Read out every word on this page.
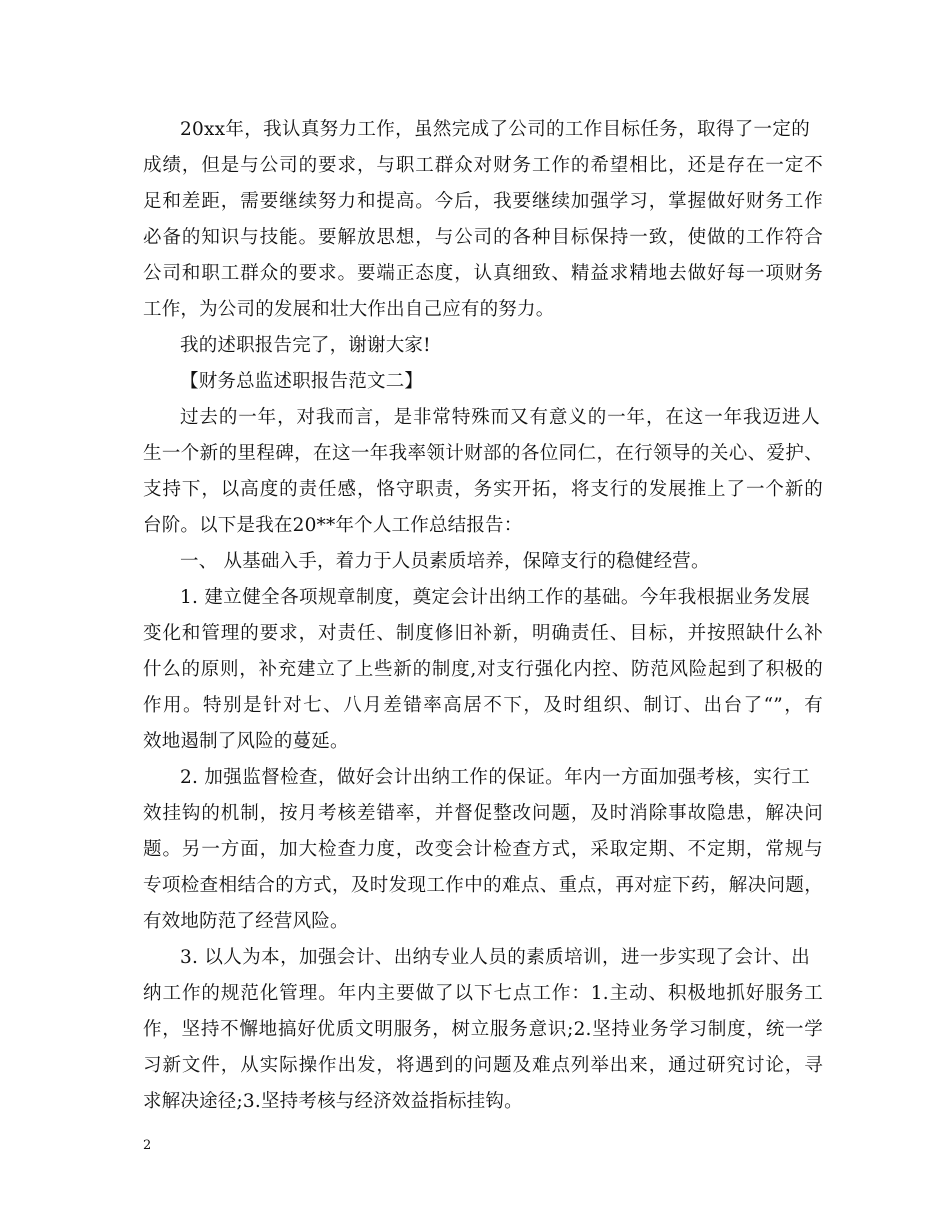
20xx年，我认真努力工作，虽然完成了公司的工作目标任务，取得了一定的
成绩，但是与公司的要求，与职工群众对财务工作的希望相比，还是存在一定不
足和差距，需要继续努力和提高。今后，我要继续加强学习，掌握做好财务工作
必备的知识与技能。要解放思想，与公司的各种目标保持一致，使做的工作符合
公司和职工群众的要求。要端正态度，认真细致、精益求精地去做好每一项财务
工作，为公司的发展和壮大作出自己应有的努力。
我的述职报告完了，谢谢大家!
【财务总监述职报告范文二】
过去的一年，对我而言，是非常特殊而又有意义的一年，在这一年我迈进人
生一个新的里程碑，在这一年我率领计财部的各位同仁，在行领导的关心、爱护、
支持下，以高度的责任感，恪守职责，务实开拓，将支行的发展推上了一个新的
台阶。以下是我在20**年个人工作总结报告：
一、 从基础入手，着力于人员素质培养，保障支行的稳健经营。
1. 建立健全各项规章制度，奠定会计出纳工作的基础。今年我根据业务发展
变化和管理的要求，对责任、制度修旧补新，明确责任、目标，并按照缺什么补
什么的原则，补充建立了上些新的制度,对支行强化内控、防范风险起到了积极的
作用。特别是针对七、八月差错率高居不下，及时组织、制订、出台了“”，有
效地遏制了风险的蔓延。
2. 加强监督检查，做好会计出纳工作的保证。年内一方面加强考核，实行工
效挂钩的机制，按月考核差错率，并督促整改问题，及时消除事故隐患，解决问
题。另一方面，加大检查力度，改变会计检查方式，采取定期、不定期，常规与
专项检查相结合的方式，及时发现工作中的难点、重点，再对症下药，解决问题，
有效地防范了经营风险。
3. 以人为本，加强会计、出纳专业人员的素质培训，进一步实现了会计、出
纳工作的规范化管理。年内主要做了以下七点工作：1.主动、积极地抓好服务工
作，坚持不懈地搞好优质文明服务，树立服务意识;2.坚持业务学习制度，统一学
习新文件，从实际操作出发，将遇到的问题及难点列举出来，通过研究讨论，寻
求解决途径;3.坚持考核与经济效益指标挂钩。
2
